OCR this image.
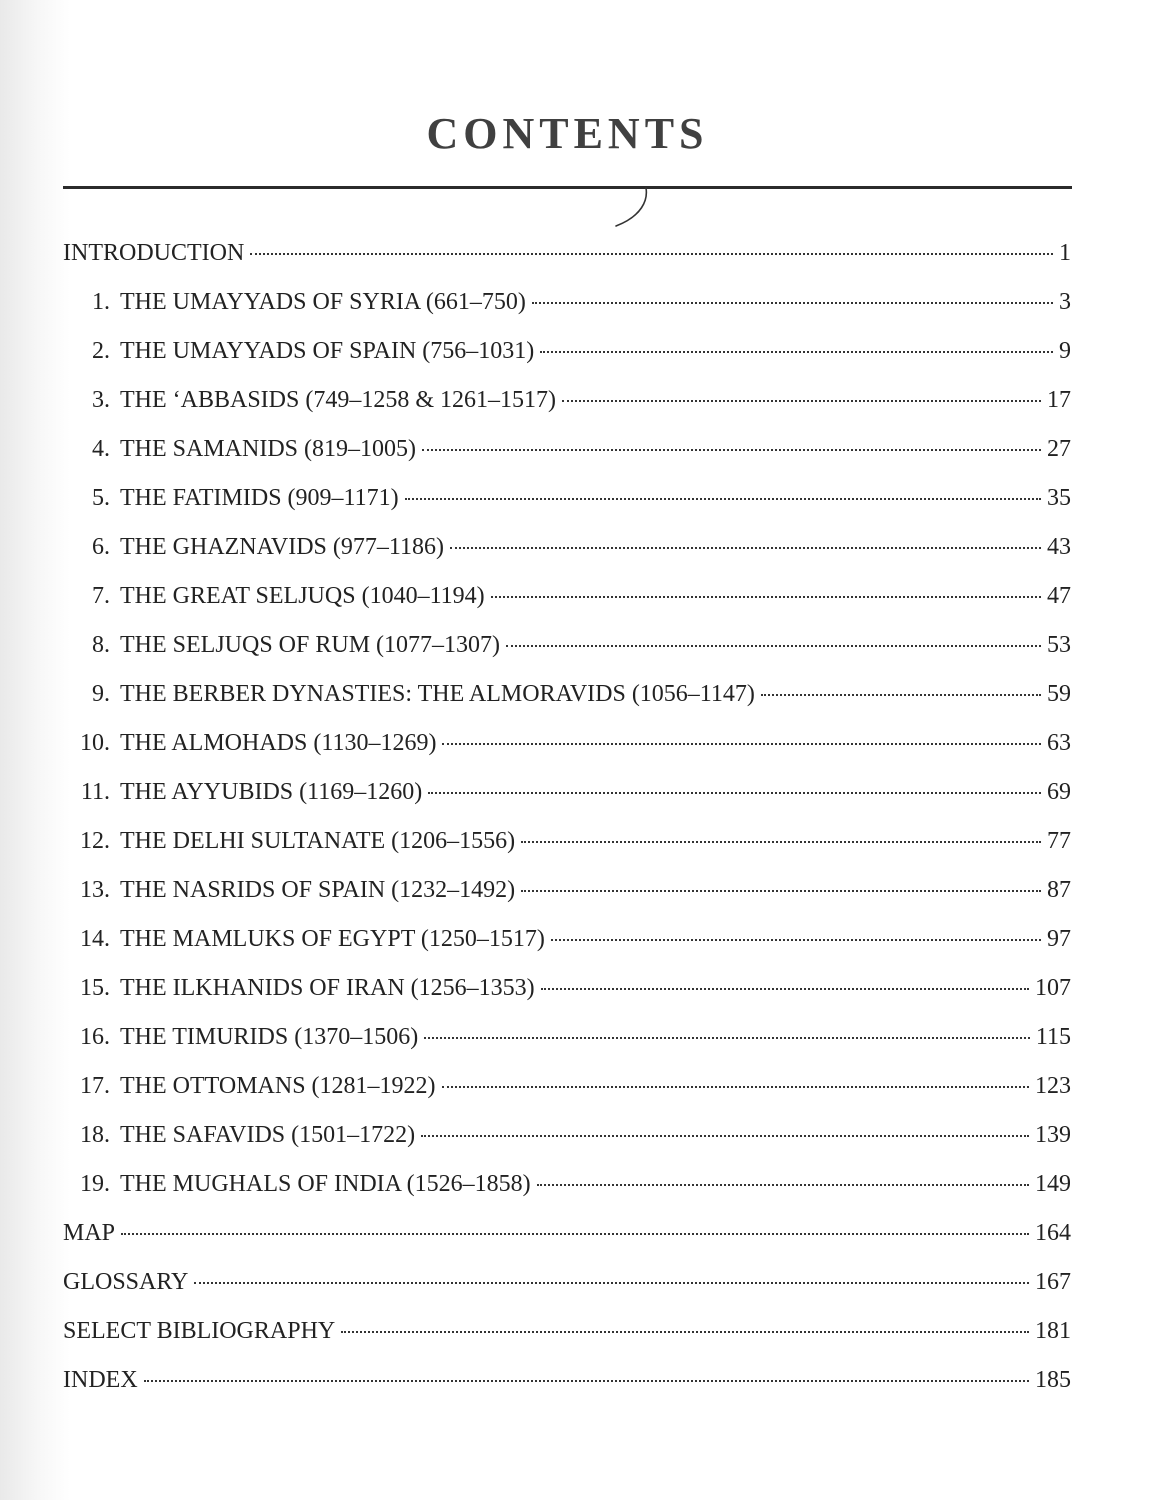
CONTENTS
INTRODUCTION	1
1. THE UMAYYADS OF SYRIA (661–750)	3
2. THE UMAYYADS OF SPAIN (756–1031)	9
3. THE ‘ABBASIDS (749–1258 & 1261–1517)	17
4. THE SAMANIDS (819–1005)	27
5. THE FATIMIDS (909–1171)	35
6. THE GHAZNAVIDS (977–1186)	43
7. THE GREAT SELJUQS (1040–1194)	47
8. THE SELJUQS OF RUM (1077–1307)	53
9. THE BERBER DYNASTIES: THE ALMORAVIDS (1056–1147)	59
10. THE ALMOHADS (1130–1269)	63
11. THE AYYUBIDS (1169–1260)	69
12. THE DELHI SULTANATE (1206–1556)	77
13. THE NASRIDS OF SPAIN (1232–1492)	87
14. THE MAMLUKS OF EGYPT (1250–1517)	97
15. THE ILKHANIDS OF IRAN (1256–1353)	107
16. THE TIMURIDS (1370–1506)	115
17. THE OTTOMANS (1281–1922)	123
18. THE SAFAVIDS (1501–1722)	139
19. THE MUGHALS OF INDIA (1526–1858)	149
MAP	164
GLOSSARY	167
SELECT BIBLIOGRAPHY	181
INDEX	185
